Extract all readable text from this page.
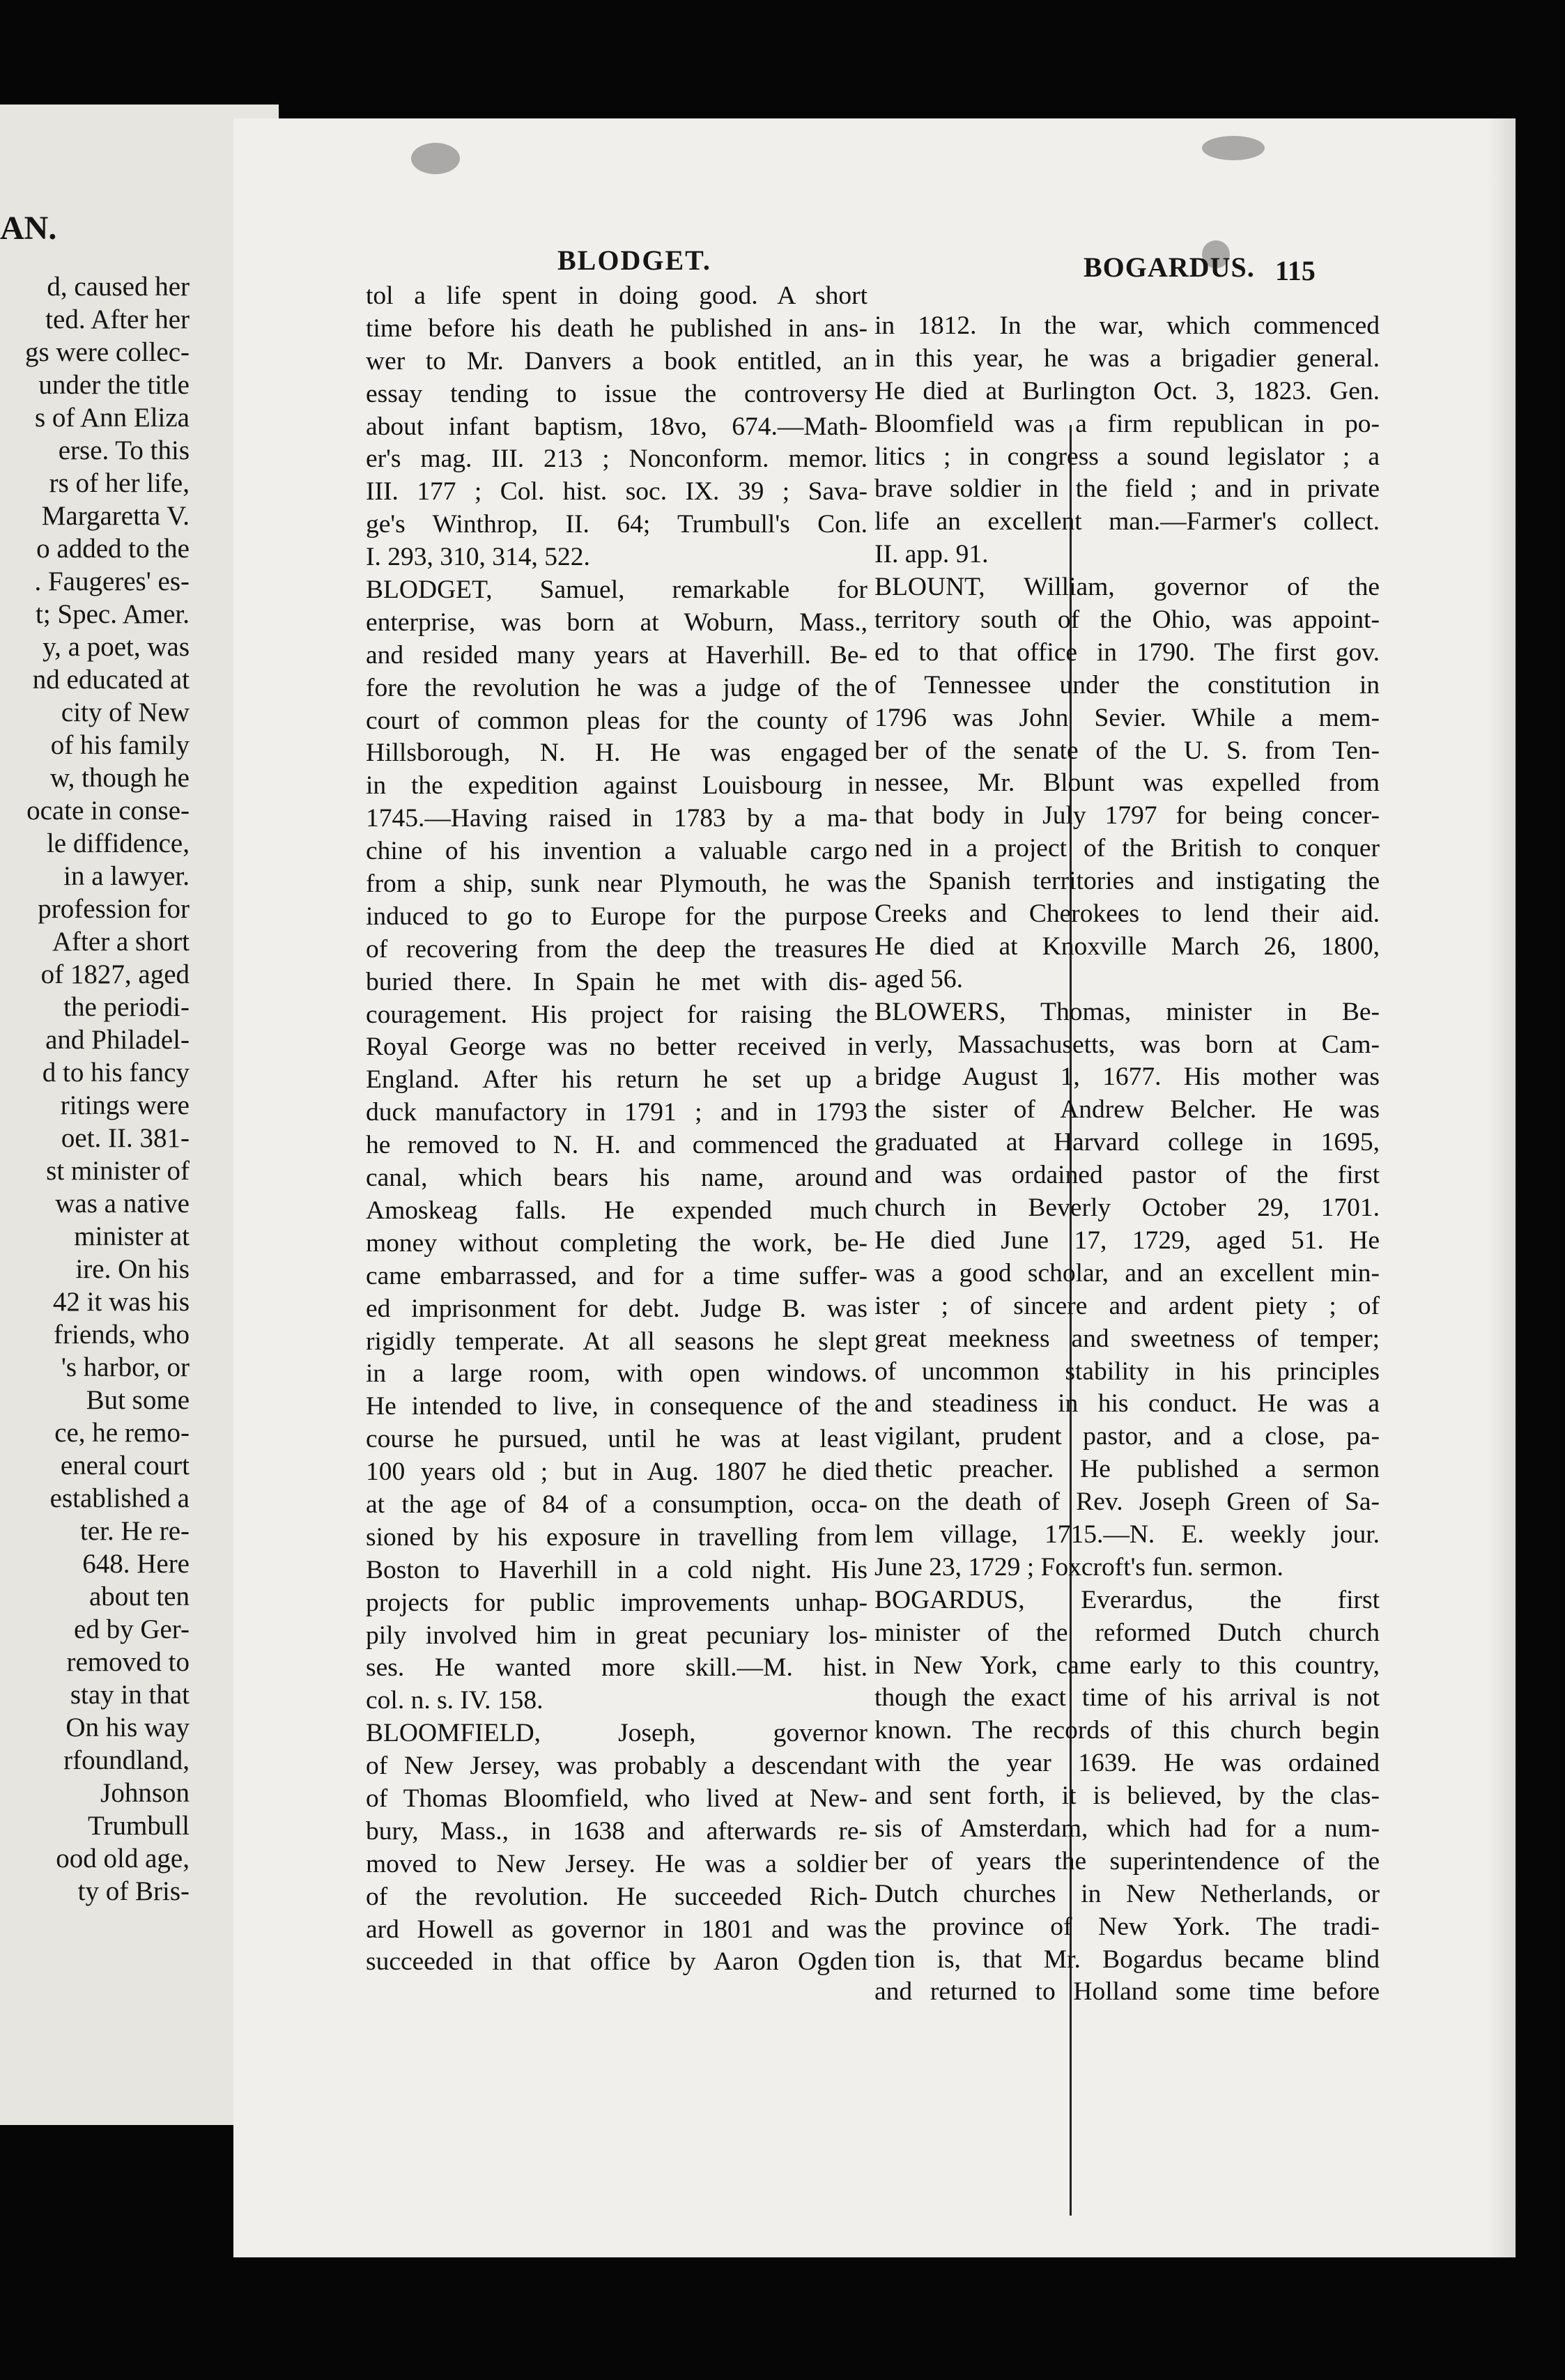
AN.
d, caused her
ted. After her
gs were collec-
under the title
s of Ann Eliza
erse. To this
rs of her life,
Margaretta V.
o added to the
. Faugeres' es-
t; Spec. Amer.
y, a poet, was
nd educated at
city of New
of his family
w, though he
ocate in conse-
le diffidence,
in a lawyer.
profession for
After a short
of 1827, aged
the periodi-
and Philadel-
d to his fancy
ritings were
oet. II. 381-
st minister of
was a native
minister at
ire. On his
42 it was his
friends, who
's harbor, or
But some
ce, he remo-
eneral court
established a
ter. He re-
648. Here
about ten
ed by Ger-
removed to
stay in that
On his way
rfoundland,
Johnson
Trumbull
ood old age,
ty of Bris-
BLODGET.	BOGARDUS. 115
tol a life spent in doing good. A short
time before his death he published in ans-
wer to Mr. Danvers a book entitled, an
essay tending to issue the controversy
about infant baptism, 18vo, 674.—Math-
er's mag. III. 213 ; Nonconform. memor.
III. 177 ; Col. hist. soc. IX. 39 ; Sava-
ge's Winthrop, II. 64; Trumbull's Con.
I. 293, 310, 314, 522.
BLODGET, Samuel, remarkable for
enterprise, was born at Woburn, Mass.,
and resided many years at Haverhill. Be-
fore the revolution he was a judge of the
court of common pleas for the county of
Hillsborough, N. H. He was engaged
in the expedition against Louisbourg in
1745.—Having raised in 1783 by a ma-
chine of his invention a valuable cargo
from a ship, sunk near Plymouth, he was
induced to go to Europe for the purpose
of recovering from the deep the treasures
buried there. In Spain he met with dis-
couragement. His project for raising the
Royal George was no better received in
England. After his return he set up a
duck manufactory in 1791 ; and in 1793
he removed to N. H. and commenced the
canal, which bears his name, around
Amoskeag falls. He expended much
money without completing the work, be-
came embarrassed, and for a time suffer-
ed imprisonment for debt. Judge B. was
rigidly temperate. At all seasons he slept
in a large room, with open windows.
He intended to live, in consequence of the
course he pursued, until he was at least
100 years old ; but in Aug. 1807 he died
at the age of 84 of a consumption, occa-
sioned by his exposure in travelling from
Boston to Haverhill in a cold night. His
projects for public improvements unhap-
pily involved him in great pecuniary los-
ses. He wanted more skill.—M. hist.
col. n. s. IV. 158.
BLOOMFIELD, Joseph, governor
of New Jersey, was probably a descendant
of Thomas Bloomfield, who lived at New-
bury, Mass., in 1638 and afterwards re-
moved to New Jersey. He was a soldier
of the revolution. He succeeded Rich-
ard Howell as governor in 1801 and was
succeeded in that office by Aaron Ogden
in 1812. In the war, which commenced
in this year, he was a brigadier general.
He died at Burlington Oct. 3, 1823. Gen.
Bloomfield was a firm republican in po-
litics ; in congress a sound legislator ; a
brave soldier in the field ; and in private
life an excellent man.—Farmer's collect.
II. app. 91.
BLOUNT, William, governor of the
territory south of the Ohio, was appoint-
ed to that office in 1790. The first gov.
of Tennessee under the constitution in
1796 was John Sevier. While a mem-
ber of the senate of the U. S. from Ten-
nessee, Mr. Blount was expelled from
that body in July 1797 for being concer-
ned in a project of the British to conquer
the Spanish territories and instigating the
Creeks and Cherokees to lend their aid.
He died at Knoxville March 26, 1800,
aged 56.
BLOWERS, Thomas, minister in Be-
verly, Massachusetts, was born at Cam-
bridge August 1, 1677. His mother was
the sister of Andrew Belcher. He was
graduated at Harvard college in 1695,
and was ordained pastor of the first
church in Beverly October 29, 1701.
He died June 17, 1729, aged 51. He
was a good scholar, and an excellent min-
ister ; of sincere and ardent piety ; of
great meekness and sweetness of temper;
of uncommon stability in his principles
and steadiness in his conduct. He was a
vigilant, prudent pastor, and a close, pa-
thetic preacher. He published a sermon
on the death of Rev. Joseph Green of Sa-
lem village, 1715.—N. E. weekly jour.
June 23, 1729 ; Foxcroft's fun. sermon.
BOGARDUS, Everardus, the first
minister of the reformed Dutch church
in New York, came early to this country,
though the exact time of his arrival is not
known. The records of this church begin
with the year 1639. He was ordained
and sent forth, it is believed, by the clas-
sis of Amsterdam, which had for a num-
ber of years the superintendence of the
Dutch churches in New Netherlands, or
the province of New York. The tradi-
tion is, that Mr. Bogardus became blind
and returned to Holland some time before
